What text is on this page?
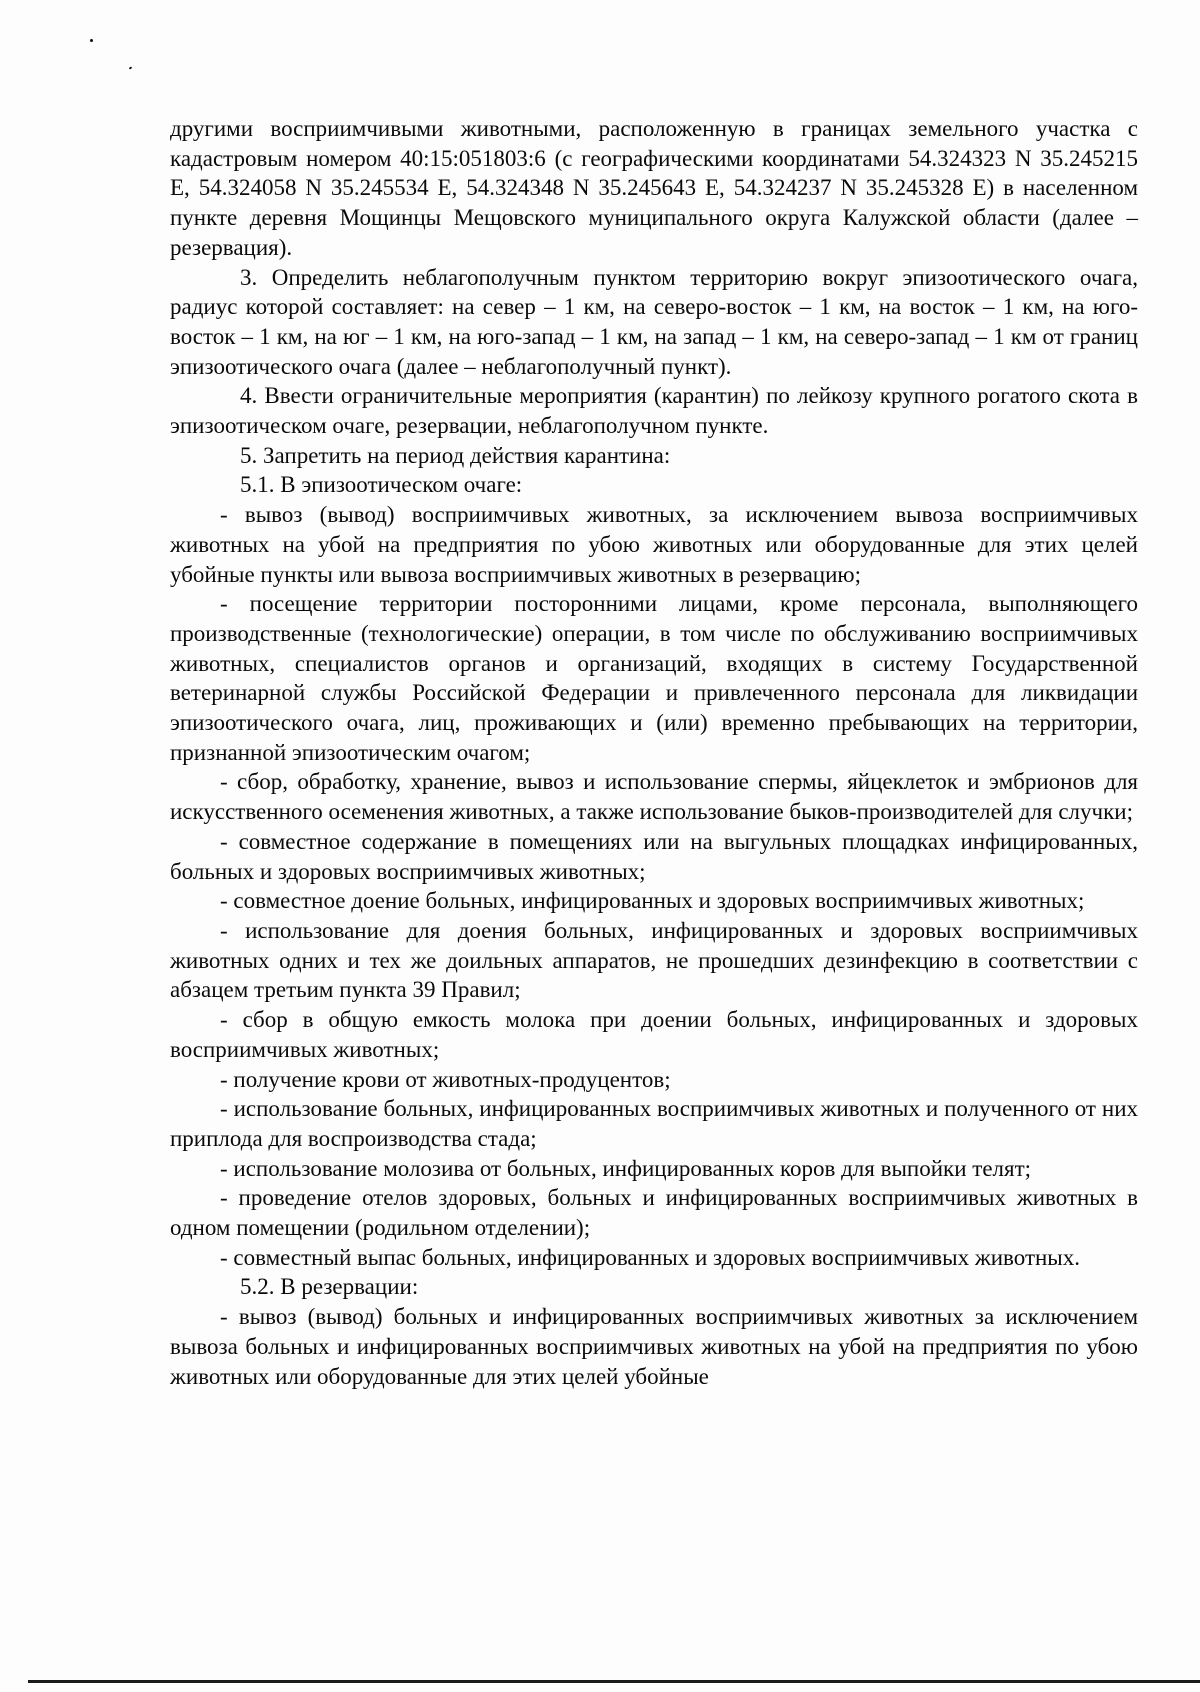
другими восприимчивыми животными, расположенную в границах земельного участка с кадастровым номером 40:15:051803:6 (с географическими координатами 54.324323 N 35.245215 E, 54.324058 N 35.245534 E, 54.324348 N 35.245643 E, 54.324237 N 35.245328 E) в населенном пункте деревня Мощинцы Мещовского муниципального округа Калужской области (далее – резервация).

3. Определить неблагополучным пунктом территорию вокруг эпизоотического очага, радиус которой составляет: на север – 1 км, на северо-восток – 1 км, на восток – 1 км, на юго-восток – 1 км, на юг – 1 км, на юго-запад – 1 км, на запад – 1 км, на северо-запад – 1 км от границ эпизоотического очага (далее – неблагополучный пункт).

4. Ввести ограничительные мероприятия (карантин) по лейкозу крупного рогатого скота в эпизоотическом очаге, резервации, неблагополучном пункте.

5. Запретить на период действия карантина:

5.1. В эпизоотическом очаге:

- вывоз (вывод) восприимчивых животных, за исключением вывоза восприимчивых животных на убой на предприятия по убою животных или оборудованные для этих целей убойные пункты или вывоза восприимчивых животных в резервацию;

- посещение территории посторонними лицами, кроме персонала, выполняющего производственные (технологические) операции, в том числе по обслуживанию восприимчивых животных, специалистов органов и организаций, входящих в систему Государственной ветеринарной службы Российской Федерации и привлеченного персонала для ликвидации эпизоотического очага, лиц, проживающих и (или) временно пребывающих на территории, признанной эпизоотическим очагом;

- сбор, обработку, хранение, вывоз и использование спермы, яйцеклеток и эмбрионов для искусственного осеменения животных, а также использование быков-производителей для случки;

- совместное содержание в помещениях или на выгульных площадках инфицированных, больных и здоровых восприимчивых животных;

- совместное доение больных, инфицированных и здоровых восприимчивых животных;

- использование для доения больных, инфицированных и здоровых восприимчивых животных одних и тех же доильных аппаратов, не прошедших дезинфекцию в соответствии с абзацем третьим пункта 39 Правил;

- сбор в общую емкость молока при доении больных, инфицированных и здоровых восприимчивых животных;

- получение крови от животных-продуцентов;

- использование больных, инфицированных восприимчивых животных и полученного от них приплода для воспроизводства стада;

- использование молозива от больных, инфицированных коров для выпойки телят;

- проведение отелов здоровых, больных и инфицированных восприимчивых животных в одном помещении (родильном отделении);

- совместный выпас больных, инфицированных и здоровых восприимчивых животных.

5.2. В резервации:

- вывоз (вывод) больных и инфицированных восприимчивых животных за исключением вывоза больных и инфицированных восприимчивых животных на убой на предприятия по убою животных или оборудованные для этих целей убойные
